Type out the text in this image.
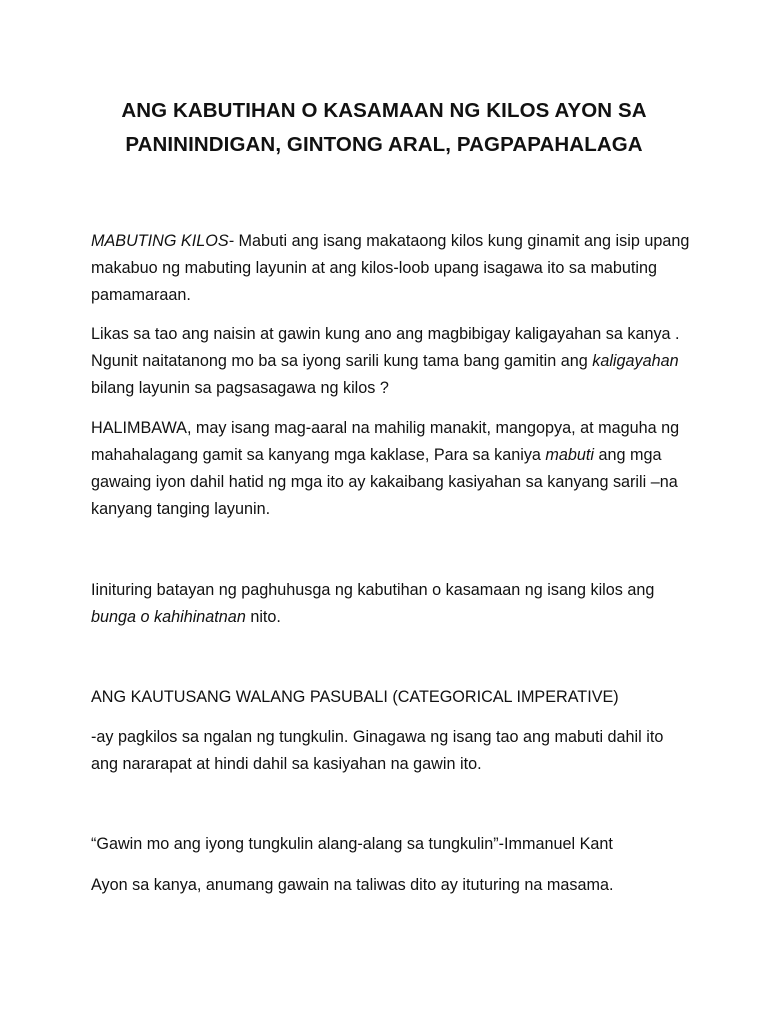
ANG KABUTIHAN O KASAMAAN NG KILOS AYON SA
PANININDIGAN, GINTONG ARAL, PAGPAPAHALAGA

MABUTING KILOS- Mabuti ang isang makataong kilos kung ginamit ang isip upang makabuo ng mabuting layunin at ang kilos-loob upang isagawa ito sa mabuting pamamaraan.

Likas sa tao ang naisin at gawin kung ano ang magbibigay kaligayahan sa kanya . Ngunit naitatanong mo ba sa iyong sarili kung tama bang gamitin ang kaligayahan bilang layunin sa pagsasagawa ng kilos ?

HALIMBAWA, may isang mag-aaral na mahilig manakit, mangopya, at maguha ng mahahalagang gamit sa kanyang mga kaklase, Para sa kaniya mabuti ang mga gawaing iyon dahil hatid ng mga ito ay kakaibang kasiyahan sa kanyang sarili –na kanyang tanging layunin.

Iinituring batayan ng paghuhusga ng kabutihan o kasamaan ng isang kilos ang bunga o kahihinatnan nito.

ANG KAUTUSANG WALANG PASUBALI (CATEGORICAL IMPERATIVE)

-ay pagkilos sa ngalan ng tungkulin. Ginagawa ng isang tao ang mabuti dahil ito ang nararapat at hindi dahil sa kasiyahan na gawin ito.

“Gawin mo ang iyong tungkulin alang-alang sa tungkulin”-Immanuel Kant

Ayon sa kanya, anumang gawain na taliwas dito ay ituturing na masama.
